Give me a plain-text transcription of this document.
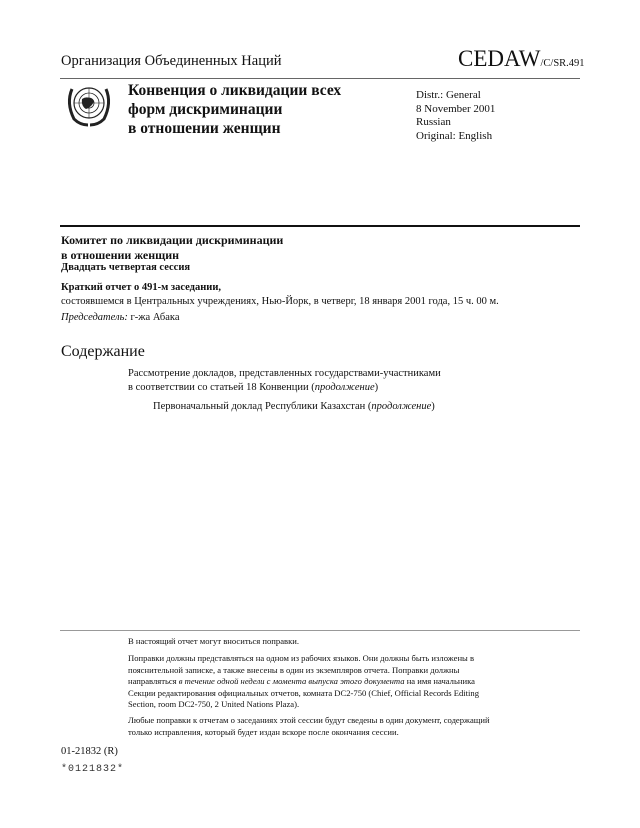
Организация Объединенных Наций	CEDAW/C/SR.491
Конвенция о ликвидации всех
форм дискриминации
в отношении женщин
Distr.: General
8 November 2001
Russian
Original: English
Комитет по ликвидации дискриминации
в отношении женщин
Двадцать четвертая сессия
Краткий отчет о 491-м заседании,
состоявшемся в Центральных учреждениях, Нью-Йорк, в четверг, 18 января 2001 года, 15 ч. 00 м.
Председатель: г-жа Абака
Содержание
Рассмотрение докладов, представленных государствами-участниками
в соответствии со статьей 18 Конвенции (продолжение)
Первоначальный доклад Республики Казахстан (продолжение)
В настоящий отчет могут вноситься поправки.
Поправки должны представляться на одном из рабочих языков. Они должны быть изложены в пояснительной записке, а также внесены в один из экземпляров отчета. Поправки должны направляться в течение одной недели с момента выпуска этого документа на имя начальника Секции редактирования официальных отчетов, комната DC2-750 (Chief, Official Records Editing Section, room DC2-750, 2 United Nations Plaza).
Любые поправки к отчетам о заседаниях этой сессии будут сведены в один документ, содержащий только исправления, который будет издан вскоре после окончания сессии.
01-21832 (R)
*0121832*
